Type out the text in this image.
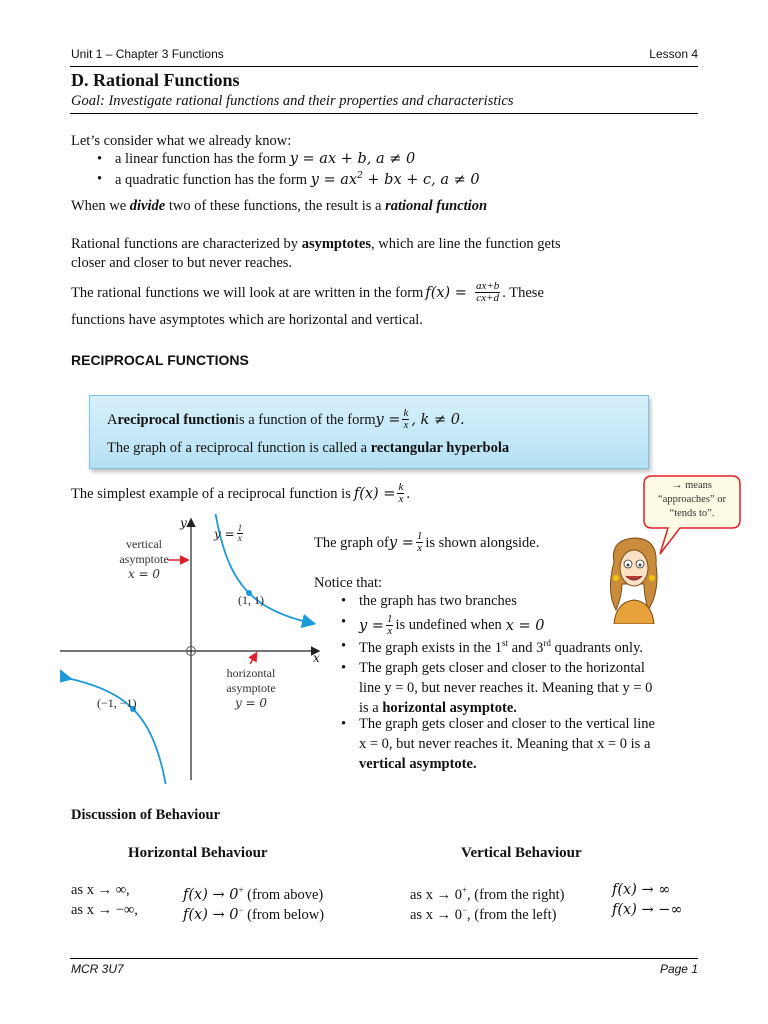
Unit 1 – Chapter 3 Functions	Lesson 4
D. Rational Functions
Goal: Investigate rational functions and their properties and characteristics
Let’s consider what we already know:
• a linear function has the form y = ax + b, a ≠ 0
• a quadratic function has the form $y = ax^2$ + bx + c, a ≠ 0
When we divide two of these functions, the result is a rational function
Rational functions are characterized by asymptotes, which are line the function gets
closer and closer to but never reaches.
The rational functions we will look at are written in the form $f(x) = \frac{ax+b}{cx+d}$ . These
functions have asymptotes which are horizontal and vertical.
RECIPROCAL FUNCTIONS
A reciprocal function is a function of the form $y = \frac{k}{x}$ , k ≠ 0.
The graph of a reciprocal function is called a rectangular hyperbola
The simplest example of a reciprocal function is $f(x) = \frac{k}{x}$ .	→ means
“approaches” or
“tends to”.
y
x
$y = \frac{1}{x}$
vertical
asymptote
x = 0
horizontal
asymptote
y = 0
(1, 1)
(−1, −1)
The graph of $y = \frac{1}{x}$ is shown alongside.
Notice that:
• the graph has two branches
• $y = \frac{1}{x}$ is undefined when x = 0
• The graph exists in the 1st and 3rd quadrants only.
• The graph gets closer and closer to the horizontal
line y = 0, but never reaches it. Meaning that y = 0
is a horizontal asymptote.
• The graph gets closer and closer to the vertical line
x = 0, but never reaches it. Meaning that x = 0 is a
vertical asymptote.
Discussion of Behaviour
Horizontal Behaviour	Vertical Behaviour
as x → ∞,	f(x) → 0+ (from above)
as x → −∞,	f(x) → 0− (from below)
as x → 0+, (from the right)	f(x) → ∞
as x → 0−, (from the left)	f(x) → −∞
MCR 3U7	Page 1
